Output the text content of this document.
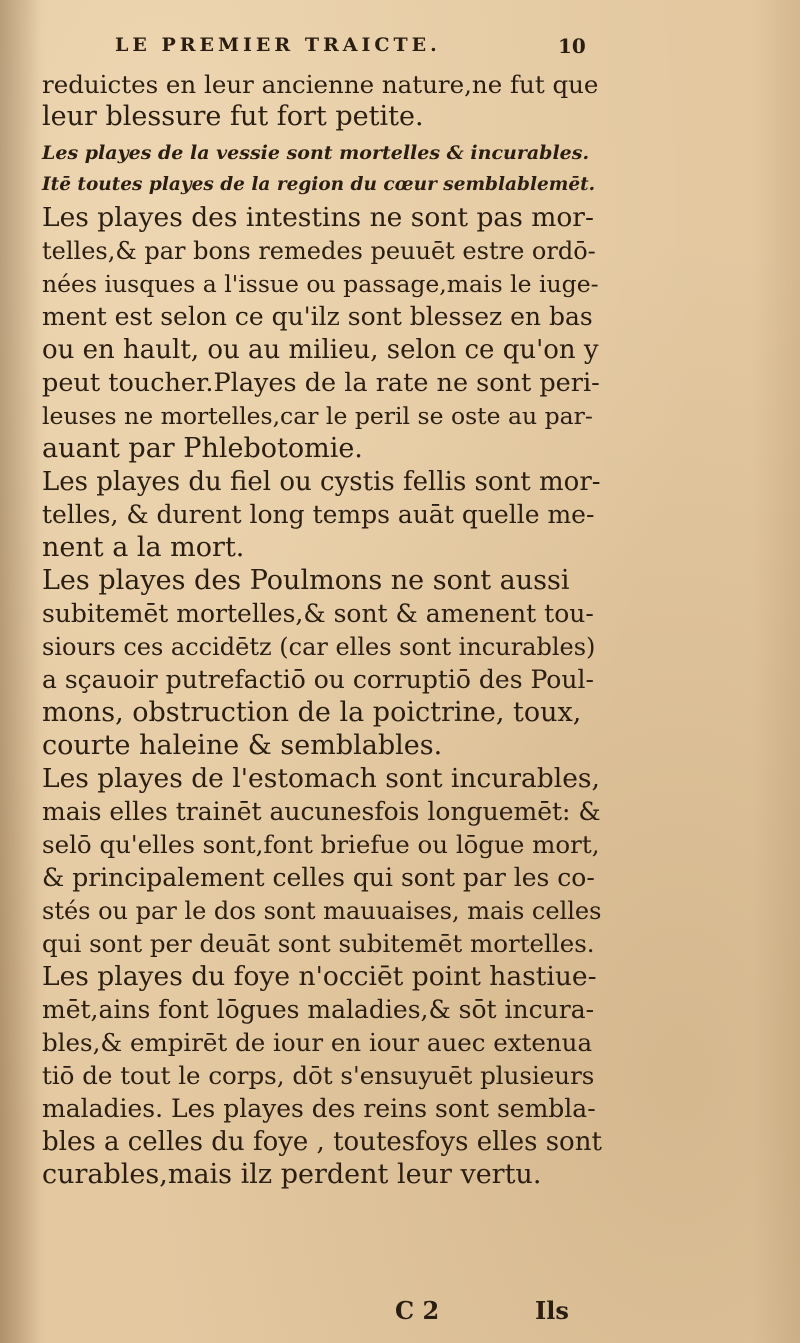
LE PREMIER TRAICTE.	10
reduictes en leur ancienne nature,ne fut que
leur blessure fut fort petite.
Les playes de la vessie sont mortelles & incurables.
Itē toutes playes de la region du cœur semblablemēt.
Les playes des intestins ne sont pas mor-
telles,& par bons remedes peuuēt estre ordō-
nées iusques a l'issue ou passage,mais le iuge-
ment est selon ce qu'ilz sont blessez en bas
ou en hault, ou au milieu, selon ce qu'on y
peut toucher.Playes de la rate ne sont peri-
leuses ne mortelles,car le peril se oste au par-
auant par Phlebotomie.
Les playes du fiel ou cystis fellis sont mor-
telles, & durent long temps auāt quelle me-
nent a la mort.
Les playes des Poulmons ne sont aussi
subitemēt mortelles,& sont & amenent tou-
siours ces accidētz (car elles sont incurables)
a sçauoir putrefactiō ou corruptiō des Poul-
mons, obstruction de la poictrine, toux,
courte haleine & semblables.
Les playes de l'estomach sont incurables,
mais elles trainēt aucunesfois longuemēt: &
selō qu'elles sont,font briefue ou lōgue mort,
& principalement celles qui sont par les co-
stés ou par le dos sont mauuaises, mais celles
qui sont per deuāt sont subitemēt mortelles.
Les playes du foye n'occiēt point hastiue-
mēt,ains font lōgues maladies,& sōt incura-
bles,& empirēt de iour en iour auec extenua
tiō de tout le corps, dōt s'ensuyuēt plusieurs
maladies. Les playes des reins sont sembla-
bles a celles du foye , toutesfoys elles sont
curables,mais ilz perdent leur vertu.
C 2	Ils
